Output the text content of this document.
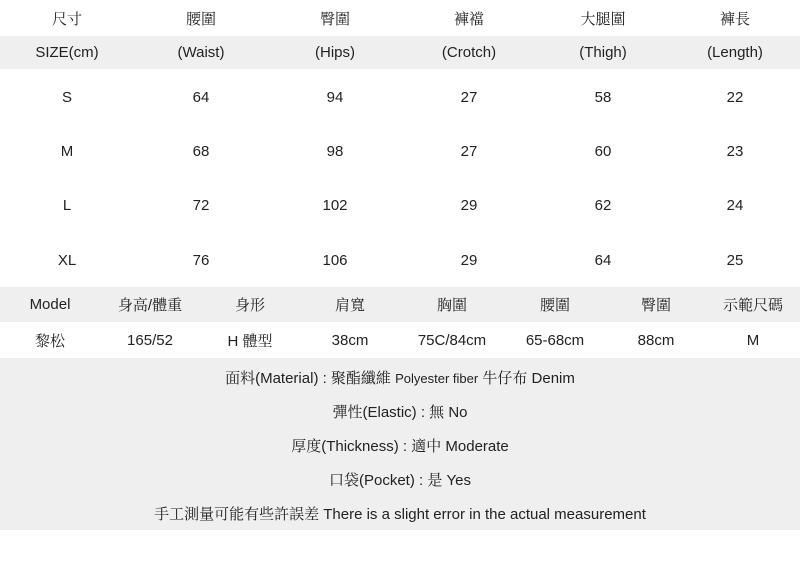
尺寸	腰圍	臀圍	褲襠	大腿圍	褲長
SIZE(cm)	(Waist)	(Hips)	(Crotch)	(Thigh)	(Length)
S	64	94	27	58	22
M	68	98	27	60	23
L	72	102	29	62	24
XL	76	106	29	64	25
Model	身高/體重	身形	肩寬	胸圍	腰圍	臀圍	示範尺碼
黎松	165/52	H 體型	38cm	75C/84cm	65-68cm	88cm	M
面料(Material) : 聚酯纖維 Polyester fiber 牛仔布 Denim
彈性(Elastic) : 無 No
厚度(Thickness) : 適中 Moderate
口袋(Pocket) : 是 Yes
手工測量可能有些許誤差 There is a slight error in the actual measurement
